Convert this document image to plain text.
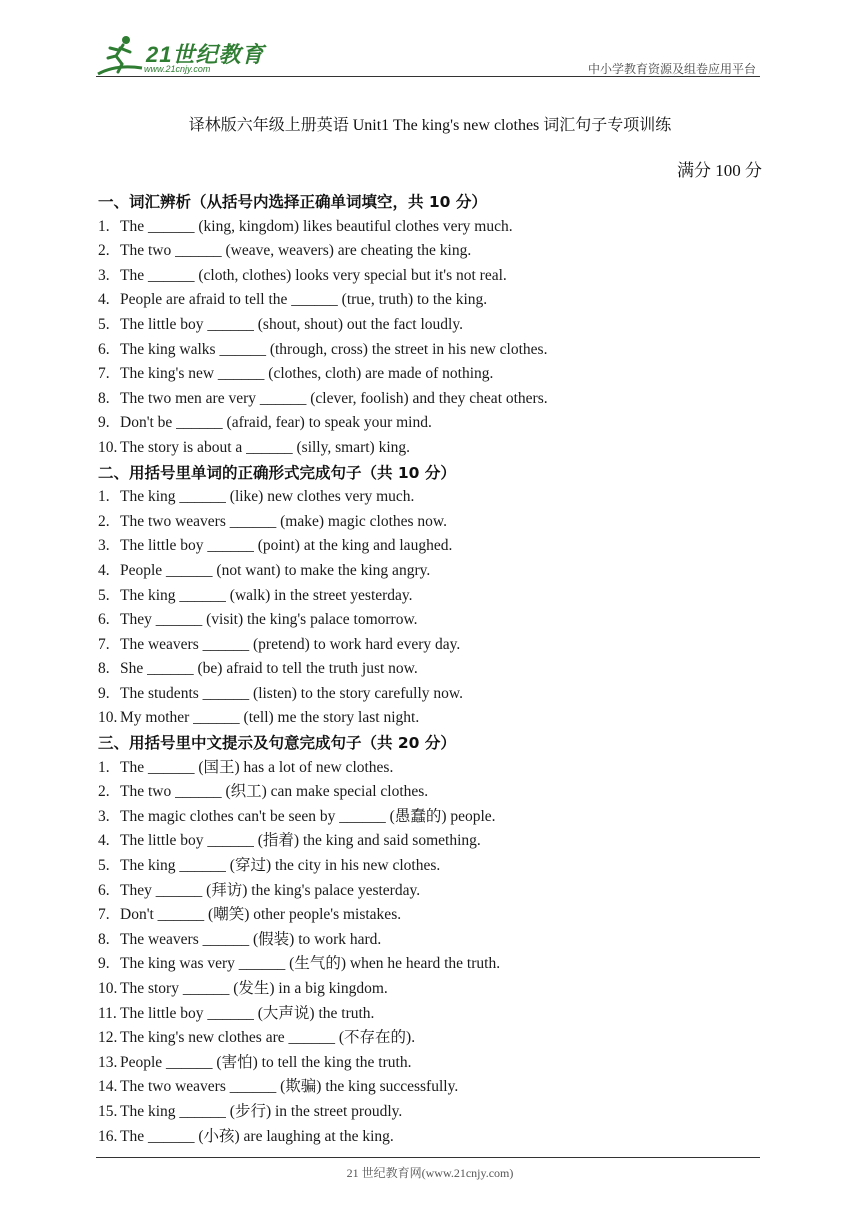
21世纪教育
www.21cnjy.com	中小学教育资源及组卷应用平台
译林版六年级上册英语 Unit1 The king's new clothes 词汇句子专项训练
满分 100 分
一、词汇辨析（从括号内选择正确单词填空，共 10 分）
1. The ______ (king, kingdom) likes beautiful clothes very much.
2. The two ______ (weave, weavers) are cheating the king.
3. The ______ (cloth, clothes) looks very special but it's not real.
4. People are afraid to tell the ______ (true, truth) to the king.
5. The little boy ______ (shout, shout) out the fact loudly.
6. The king walks ______ (through, cross) the street in his new clothes.
7. The king's new ______ (clothes, cloth) are made of nothing.
8. The two men are very ______ (clever, foolish) and they cheat others.
9. Don't be ______ (afraid, fear) to speak your mind.
10. The story is about a ______ (silly, smart) king.
二、用括号里单词的正确形式完成句子（共 10 分）
1. The king ______ (like) new clothes very much.
2. The two weavers ______ (make) magic clothes now.
3. The little boy ______ (point) at the king and laughed.
4. People ______ (not want) to make the king angry.
5. The king ______ (walk) in the street yesterday.
6. They ______ (visit) the king's palace tomorrow.
7. The weavers ______ (pretend) to work hard every day.
8. She ______ (be) afraid to tell the truth just now.
9. The students ______ (listen) to the story carefully now.
10. My mother ______ (tell) me the story last night.
三、用括号里中文提示及句意完成句子（共 20 分）
1. The ______ (国王) has a lot of new clothes.
2. The two ______ (织工) can make special clothes.
3. The magic clothes can't be seen by ______ (愚蠢的) people.
4. The little boy ______ (指着) the king and said something.
5. The king ______ (穿过) the city in his new clothes.
6. They ______ (拜访) the king's palace yesterday.
7. Don't ______ (嘲笑) other people's mistakes.
8. The weavers ______ (假装) to work hard.
9. The king was very ______ (生气的) when he heard the truth.
10. The story ______ (发生) in a big kingdom.
11. The little boy ______ (大声说) the truth.
12. The king's new clothes are ______ (不存在的).
13. People ______ (害怕) to tell the king the truth.
14. The two weavers ______ (欺骗) the king successfully.
15. The king ______ (步行) in the street proudly.
16. The ______ (小孩) are laughing at the king.
21 世纪教育网(www.21cnjy.com)
